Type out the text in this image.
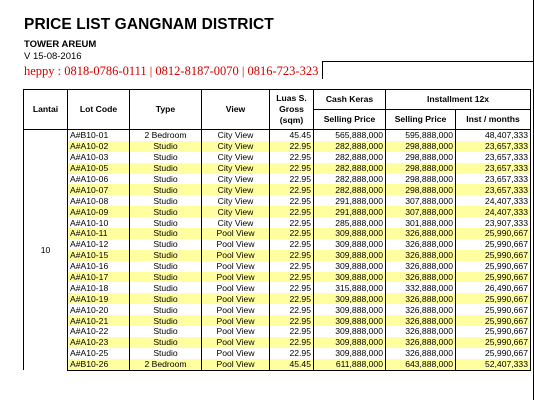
PRICE LIST GANGNAM DISTRICT
TOWER AREUM
V 15-08-2016
heppy : 0818-0786-0111 | 0812-8187-0070 | 0816-723-323
Lantai	Lot Code	Type	View	Luas S. Gross (sqm)	Cash Keras	Installment 12x	
					Selling Price	Selling Price	Inst / months
10	A#B10-01	2 Bedroom	City View	45.45	565,888,000	595,888,000	48,407,333
	A#A10-02	Studio	City View	22.95	282,888,000	298,888,000	23,657,333
	A#A10-03	Studio	City View	22.95	282,888,000	298,888,000	23,657,333
	A#A10-05	Studio	City View	22.95	282,888,000	298,888,000	23,657,333
	A#A10-06	Studio	City View	22.95	282,888,000	298,888,000	23,657,333
	A#A10-07	Studio	City View	22.95	282,888,000	298,888,000	23,657,333
	A#A10-08	Studio	City View	22.95	291,888,000	307,888,000	24,407,333
	A#A10-09	Studio	City View	22.95	291,888,000	307,888,000	24,407,333
	A#A10-10	Studio	City View	22.95	285,888,000	301,888,000	23,907,333
	A#A10-11	Studio	Pool View	22.95	309,888,000	326,888,000	25,990,667
	A#A10-12	Studio	Pool View	22.95	309,888,000	326,888,000	25,990,667
	A#A10-15	Studio	Pool View	22.95	309,888,000	326,888,000	25,990,667
	A#A10-16	Studio	Pool View	22.95	309,888,000	326,888,000	25,990,667
	A#A10-17	Studio	Pool View	22.95	309,888,000	326,888,000	25,990,667
	A#A10-18	Studio	Pool View	22.95	315,888,000	332,888,000	26,490,667
	A#A10-19	Studio	Pool View	22.95	309,888,000	326,888,000	25,990,667
	A#A10-20	Studio	Pool View	22.95	309,888,000	326,888,000	25,990,667
	A#A10-21	Studio	Pool View	22.95	309,888,000	326,888,000	25,990,667
	A#A10-22	Studio	Pool View	22.95	309,888,000	326,888,000	25,990,667
	A#A10-23	Studio	Pool View	22.95	309,888,000	326,888,000	25,990,667
	A#A10-25	Studio	Pool View	22.95	309,888,000	326,888,000	25,990,667
	A#B10-26	2 Bedroom	Pool View	45.45	611,888,000	643,888,000	52,407,333
